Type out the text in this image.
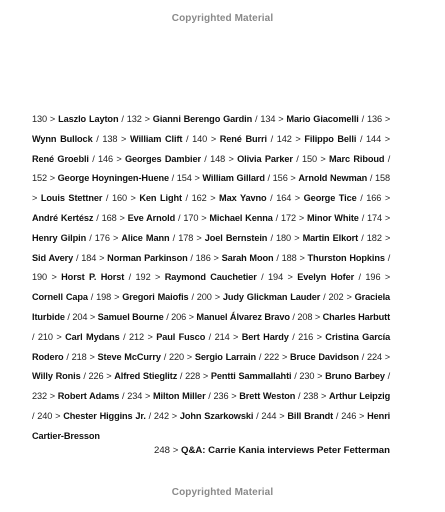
Copyrighted Material
130 > Laszlo Layton / 132 > Gianni Berengo Gardin / 134 > Mario Giacomelli / 136 > Wynn Bullock / 138 > William Clift / 140 > René Burri / 142 > Filippo Belli / 144 > René Groebli / 146 > Georges Dambier / 148 > Olivia Parker / 150 > Marc Riboud / 152 > George Hoyningen-Huene / 154 > William Gillard / 156 > Arnold Newman / 158 > Louis Stettner / 160 > Ken Light / 162 > Max Yavno / 164 > George Tice / 166 > André Kertész / 168 > Eve Arnold / 170 > Michael Kenna / 172 > Minor White / 174 > Henry Gilpin / 176 > Alice Mann / 178 > Joel Bernstein / 180 > Martin Elkort / 182 > Sid Avery / 184 > Norman Parkinson / 186 > Sarah Moon / 188 > Thurston Hopkins / 190 > Horst P. Horst / 192 > Raymond Cauchetier / 194 > Evelyn Hofer / 196 > Cornell Capa / 198 > Gregori Maiofis / 200 > Judy Glickman Lauder / 202 > Graciela Iturbide / 204 > Samuel Bourne / 206 > Manuel Álvarez Bravo / 208 > Charles Harbutt / 210 > Carl Mydans / 212 > Paul Fusco / 214 > Bert Hardy / 216 > Cristina García Rodero / 218 > Steve McCurry / 220 > Sergio Larrain / 222 > Bruce Davidson / 224 > Willy Ronis / 226 > Alfred Stieglitz / 228 > Pentti Sammallahti / 230 > Bruno Barbey / 232 > Robert Adams / 234 > Milton Miller / 236 > Brett Weston / 238 > Arthur Leipzig / 240 > Chester Higgins Jr. / 242 > John Szarkowski / 244 > Bill Brandt / 246 > Henri Cartier-Bresson
248 > Q&A: Carrie Kania interviews Peter Fetterman
Copyrighted Material
